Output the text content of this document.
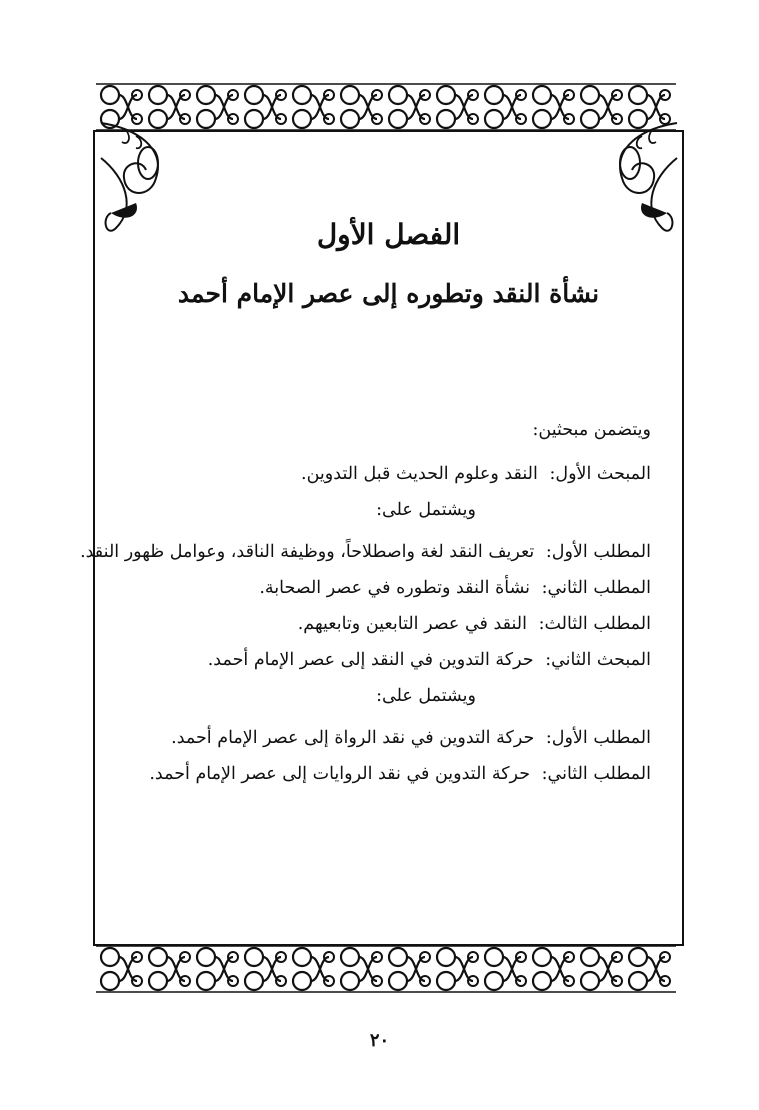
الفصل الأول
نشأة النقد وتطوره إلى عصر الإمام أحمد
ويتضمن مبحثين:
المبحث الأول: النقد وعلوم الحديث قبل التدوين.
ويشتمل على:
المطلب الأول: تعريف النقد لغة واصطلاحاً، ووظيفة الناقد، وعوامل ظهور النقد.
المطلب الثاني: نشأة النقد وتطوره في عصر الصحابة.
المطلب الثالث: النقد في عصر التابعين وتابعيهم.
المبحث الثاني: حركة التدوين في النقد إلى عصر الإمام أحمد.
ويشتمل على:
المطلب الأول: حركة التدوين في نقد الرواة إلى عصر الإمام أحمد.
المطلب الثاني: حركة التدوين في نقد الروايات إلى عصر الإمام أحمد.
٢٠
